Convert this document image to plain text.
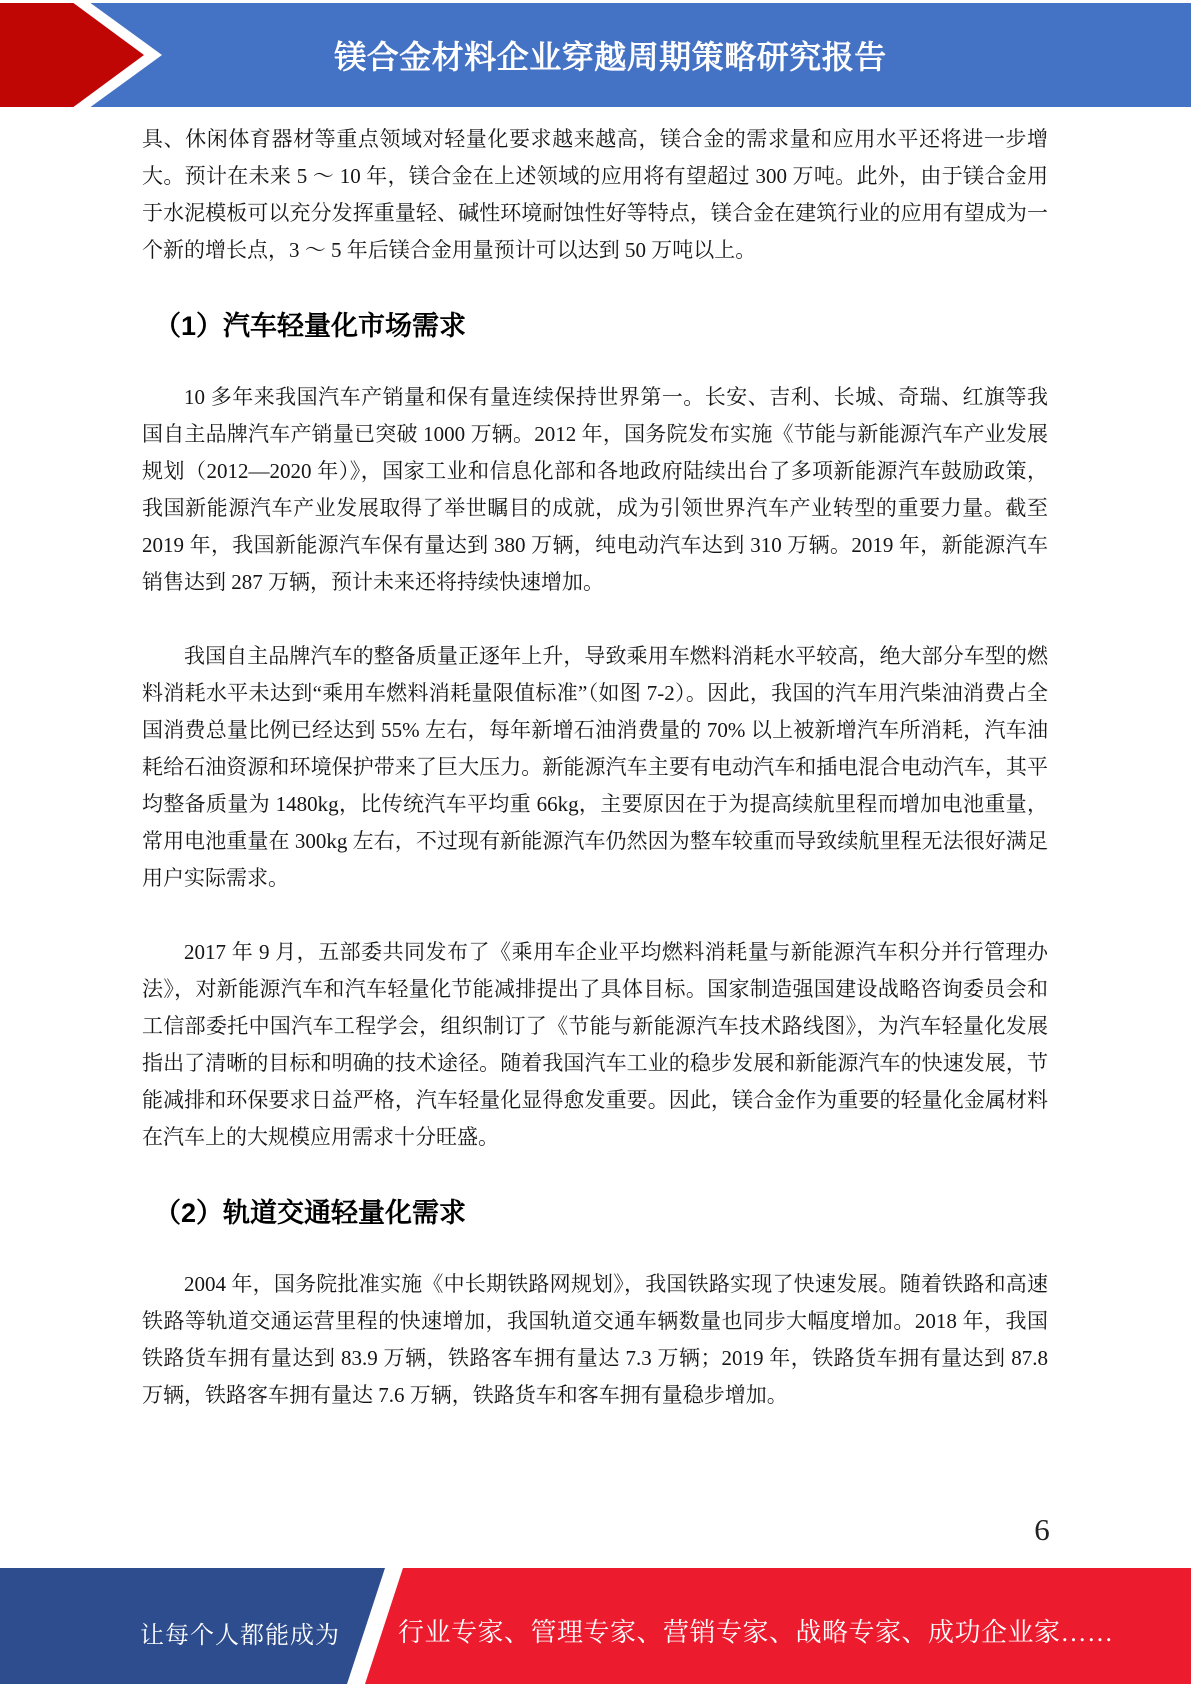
镁合金材料企业穿越周期策略研究报告

具、休闲体育器材等重点领域对轻量化要求越来越高，镁合金的需求量和应用水平还将进一步增大。预计在未来 5 ～ 10 年，镁合金在上述领域的应用将有望超过 300 万吨。此外，由于镁合金用于水泥模板可以充分发挥重量轻、碱性环境耐蚀性好等特点，镁合金在建筑行业的应用有望成为一个新的增长点，3 ～ 5 年后镁合金用量预计可以达到 50 万吨以上。

（1）汽车轻量化市场需求

10 多年来我国汽车产销量和保有量连续保持世界第一。长安、吉利、长城、奇瑞、红旗等我国自主品牌汽车产销量已突破 1000 万辆。2012 年，国务院发布实施《节能与新能源汽车产业发展规划（2012—2020 年）》，国家工业和信息化部和各地政府陆续出台了多项新能源汽车鼓励政策，我国新能源汽车产业发展取得了举世瞩目的成就，成为引领世界汽车产业转型的重要力量。截至 2019 年，我国新能源汽车保有量达到 380 万辆，纯电动汽车达到 310 万辆。2019 年，新能源汽车销售达到 287 万辆，预计未来还将持续快速增加。

我国自主品牌汽车的整备质量正逐年上升，导致乘用车燃料消耗水平较高，绝大部分车型的燃料消耗水平未达到“乘用车燃料消耗量限值标准”（如图 7-2）。因此，我国的汽车用汽柴油消费占全国消费总量比例已经达到 55% 左右，每年新增石油消费量的 70% 以上被新增汽车所消耗，汽车油耗给石油资源和环境保护带来了巨大压力。新能源汽车主要有电动汽车和插电混合电动汽车，其平均整备质量为 1480kg，比传统汽车平均重 66kg，主要原因在于为提高续航里程而增加电池重量，常用电池重量在 300kg 左右，不过现有新能源汽车仍然因为整车较重而导致续航里程无法很好满足用户实际需求。

2017 年 9 月，五部委共同发布了《乘用车企业平均燃料消耗量与新能源汽车积分并行管理办法》，对新能源汽车和汽车轻量化节能减排提出了具体目标。国家制造强国建设战略咨询委员会和工信部委托中国汽车工程学会，组织制订了《节能与新能源汽车技术路线图》，为汽车轻量化发展指出了清晰的目标和明确的技术途径。随着我国汽车工业的稳步发展和新能源汽车的快速发展，节能减排和环保要求日益严格，汽车轻量化显得愈发重要。因此，镁合金作为重要的轻量化金属材料在汽车上的大规模应用需求十分旺盛。

（2）轨道交通轻量化需求

2004 年，国务院批准实施《中长期铁路网规划》，我国铁路实现了快速发展。随着铁路和高速铁路等轨道交通运营里程的快速增加，我国轨道交通车辆数量也同步大幅度增加。2018 年，我国铁路货车拥有量达到 83.9 万辆，铁路客车拥有量达 7.3 万辆；2019 年，铁路货车拥有量达到 87.8 万辆，铁路客车拥有量达 7.6 万辆，铁路货车和客车拥有量稳步增加。

6
让每个人都能成为	行业专家、管理专家、营销专家、战略专家、成功企业家……
